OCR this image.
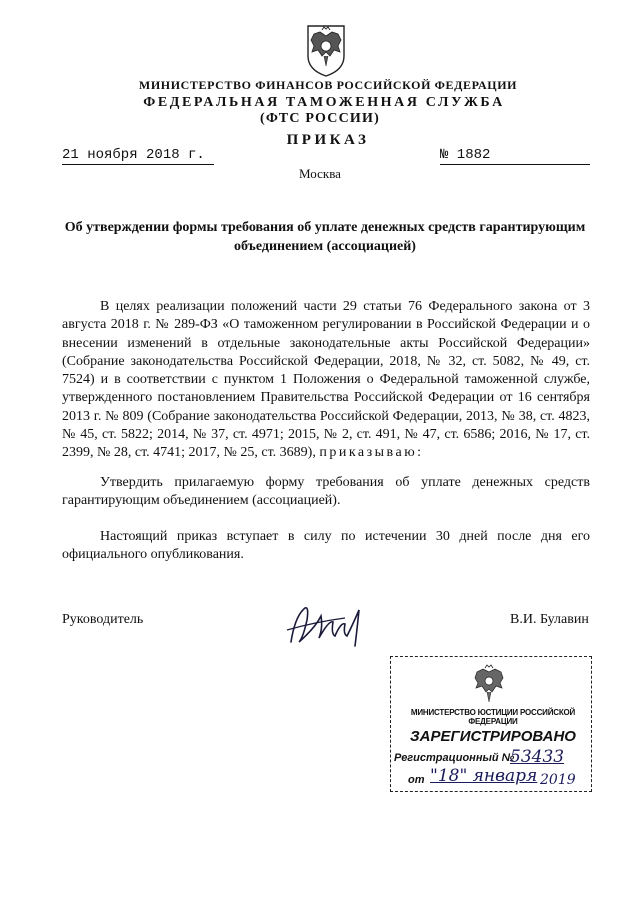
МИНИСТЕРСТВО ФИНАНСОВ РОССИЙСКОЙ ФЕДЕРАЦИИ
ФЕДЕРАЛЬНАЯ ТАМОЖЕННАЯ СЛУЖБА
(ФТС РОССИИ)
ПРИКАЗ
21 ноября 2018 г.	№ 1882
Москва
Об утверждении формы требования об уплате денежных средств гарантирующим объединением (ассоциацией)

В целях реализации положений части 29 статьи 76 Федерального закона от 3 августа 2018 г. № 289-ФЗ «О таможенном регулировании в Российской Федерации и о внесении изменений в отдельные законодательные акты Российской Федерации» (Собрание законодательства Российской Федерации, 2018, № 32, ст. 5082, № 49, ст. 7524) и в соответствии с пунктом 1 Положения о Федеральной таможенной службе, утвержденного постановлением Правительства Российской Федерации от 16 сентября 2013 г. № 809 (Собрание законодательства Российской Федерации, 2013, № 38, ст. 4823, № 45, ст. 5822; 2014, № 37, ст. 4971; 2015, № 2, ст. 491, № 47, ст. 6586; 2016, № 17, ст. 2399, № 28, ст. 4741; 2017, № 25, ст. 3689), приказываю:

Утвердить прилагаемую форму требования об уплате денежных средств гарантирующим объединением (ассоциацией).

Настоящий приказ вступает в силу по истечении 30 дней после дня его официального опубликования.

Руководитель	В.И. Булавин
МИНИСТЕРСТВО ЮСТИЦИИ РОССИЙСКОЙ ФЕДЕРАЦИИ
ЗАРЕГИСТРИРОВАНО
Регистрационный №
53433
от "18" января 2019
